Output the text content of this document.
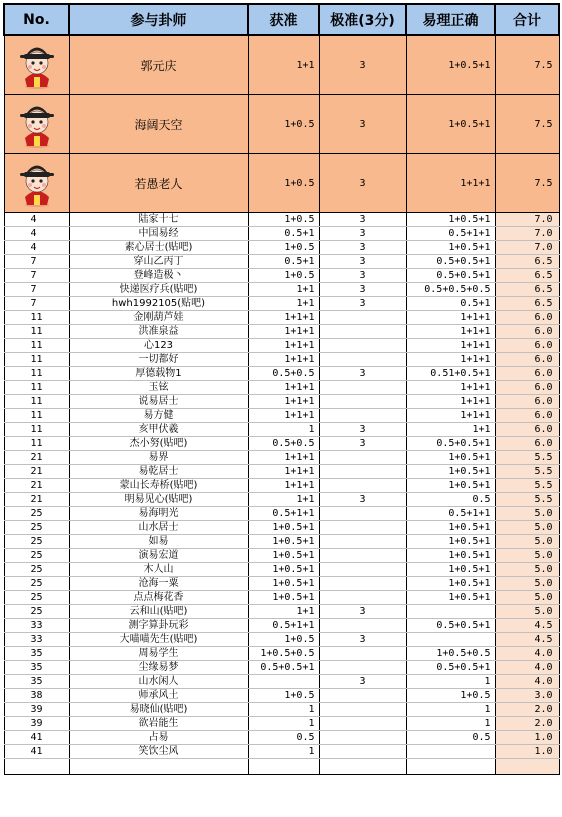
No.	参与卦师	获准	极准(3分)	易理正确	合计

	郭元庆	1+1	3	1+0.5+1	7.5

	海阔天空	1+0.5	3	1+0.5+1	7.5

	若愚老人	1+0.5	3	1+1+1	7.5
4	陆家十七	1+0.5	3	1+0.5+1	7.0
4	中国易经	0.5+1	3	0.5+1+1	7.0
4	素心居士(贴吧)	1+0.5	3	1+0.5+1	7.0
7	穿山乙丙丁	0.5+1	3	0.5+0.5+1	6.5
7	登峰造极丶	1+0.5	3	0.5+0.5+1	6.5
7	快递医疗兵(贴吧)	1+1	3	0.5+0.5+0.5	6.5
7	hwh1992105(贴吧)	1+1	3	0.5+1	6.5
11	金刚葫芦娃	1+1+1		1+1+1	6.0
11	洪准泉益	1+1+1		1+1+1	6.0
11	心123	1+1+1		1+1+1	6.0
11	一切都好	1+1+1		1+1+1	6.0
11	厚德载物1	0.5+0.5	3	0.51+0.5+1	6.0
11	玉铉	1+1+1		1+1+1	6.0
11	说易居士	1+1+1		1+1+1	6.0
11	易方健	1+1+1		1+1+1	6.0
11	亥甲伏羲	1	3	1+1	6.0
11	杰小努(贴吧)	0.5+0.5	3	0.5+0.5+1	6.0
21	易界	1+1+1		1+0.5+1	5.5
21	易乾居士	1+1+1		1+0.5+1	5.5
21	蒙山长寿桥(贴吧)	1+1+1		1+0.5+1	5.5
21	明易见心(贴吧)	1+1	3	0.5	5.5
25	易海明光	0.5+1+1		0.5+1+1	5.0
25	山水居士	1+0.5+1		1+0.5+1	5.0
25	如易	1+0.5+1		1+0.5+1	5.0
25	演易宏道	1+0.5+1		1+0.5+1	5.0
25	木人山	1+0.5+1		1+0.5+1	5.0
25	沧海一粟	1+0.5+1		1+0.5+1	5.0
25	点点梅花香	1+0.5+1		1+0.5+1	5.0
25	云和山(贴吧)	1+1	3		5.0
33	测字算卦玩彩	0.5+1+1		0.5+0.5+1	4.5
33	大喵喵先生(贴吧)	1+0.5	3		4.5
35	周易学生	1+0.5+0.5		1+0.5+0.5	4.0
35	尘缘易梦	0.5+0.5+1		0.5+0.5+1	4.0
35	山水闲人		3	1	4.0
38	师承风土	1+0.5		1+0.5	3.0
39	易晓仙(贴吧)	1		1	2.0
39	欲岩能生	1		1	2.0
41	占易	0.5		0.5	1.0
41	笑饮尘风	1			1.0
